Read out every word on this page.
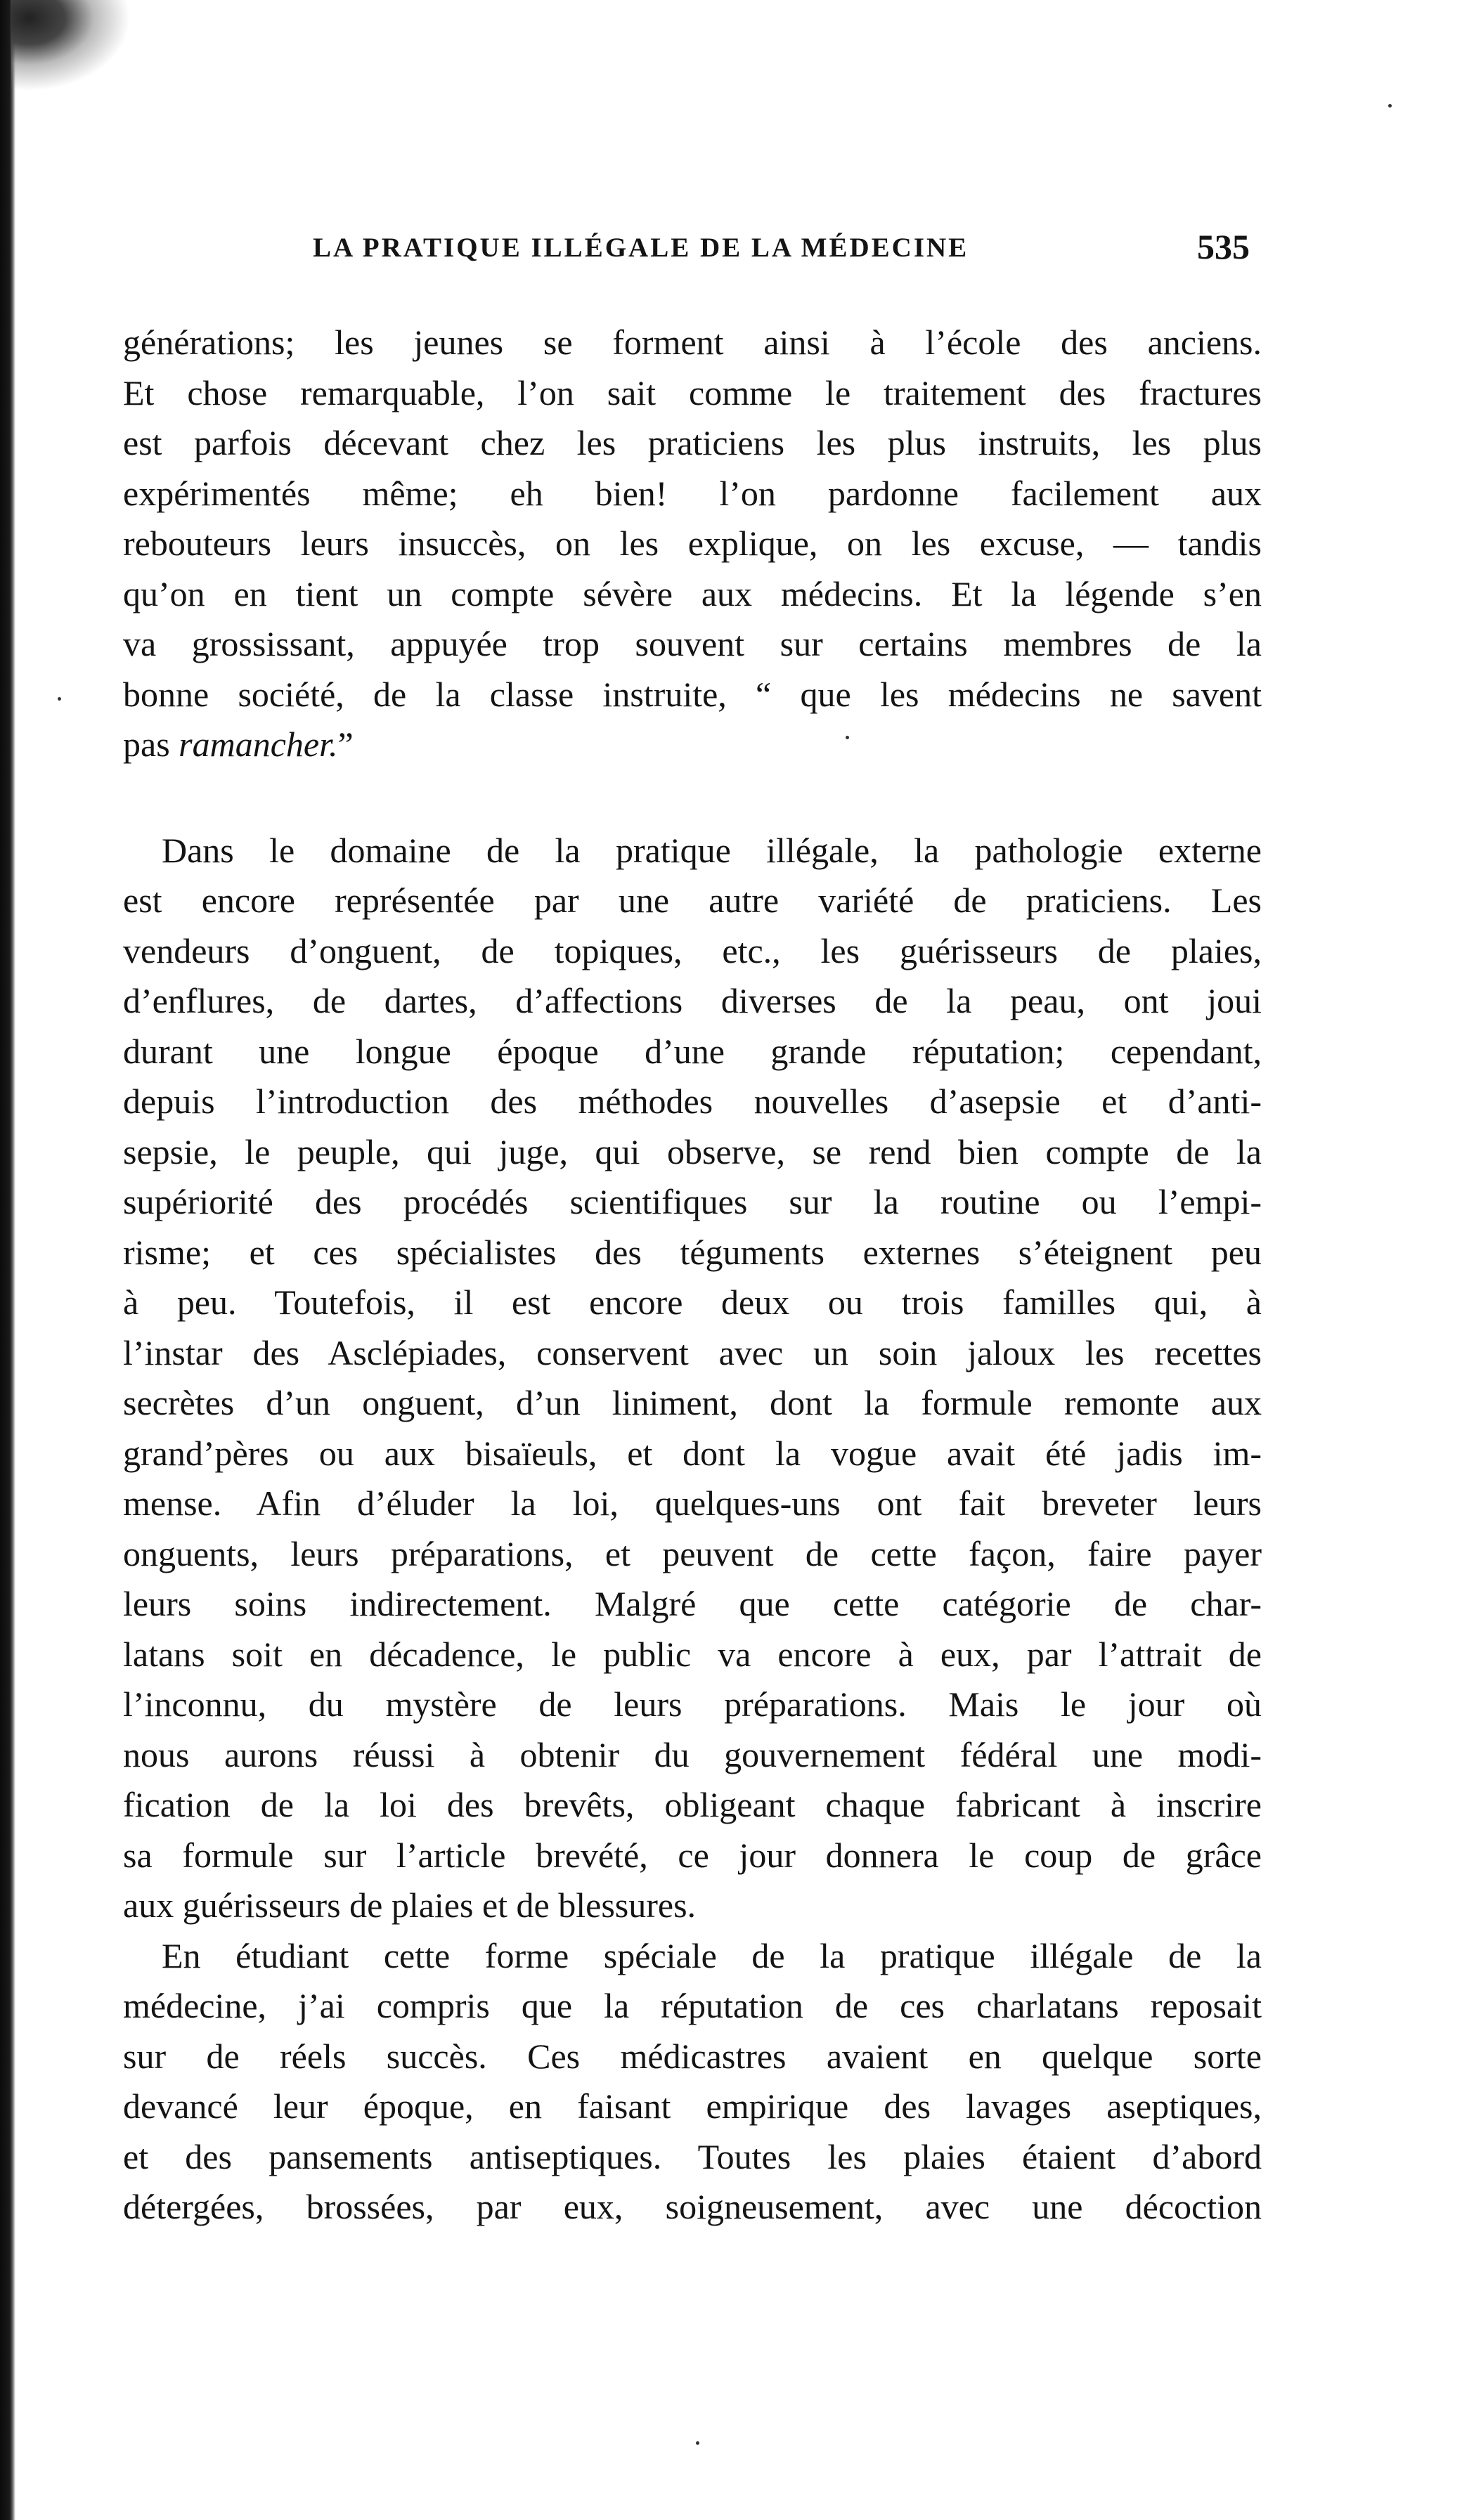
LA PRATIQUE ILLÉGALE DE LA MÉDECINE	535
générations; les jeunes se forment ainsi à l’école des anciens.
Et chose remarquable, l’on sait comme le traitement des fractures
est parfois décevant chez les praticiens les plus instruits, les plus
expérimentés même; eh bien! l’on pardonne facilement aux
rebouteurs leurs insuccès, on les explique, on les excuse, — tandis
qu’on en tient un compte sévère aux médecins. Et la légende s’en
va grossissant, appuyée trop souvent sur certains membres de la
bonne société, de la classe instruite, “ que les médecins ne savent
pas ramancher.”
Dans le domaine de la pratique illégale, la pathologie externe
est encore représentée par une autre variété de praticiens. Les
vendeurs d’onguent, de topiques, etc., les guérisseurs de plaies,
d’enflures, de dartes, d’affections diverses de la peau, ont joui
durant une longue époque d’une grande réputation; cependant,
depuis l’introduction des méthodes nouvelles d’asepsie et d’anti-
sepsie, le peuple, qui juge, qui observe, se rend bien compte de la
supériorité des procédés scientifiques sur la routine ou l’empi-
risme; et ces spécialistes des téguments externes s’éteignent peu
à peu. Toutefois, il est encore deux ou trois familles qui, à
l’instar des Asclépiades, conservent avec un soin jaloux les recettes
secrètes d’un onguent, d’un liniment, dont la formule remonte aux
grand’pères ou aux bisaïeuls, et dont la vogue avait été jadis im-
mense. Afin d’éluder la loi, quelques-uns ont fait breveter leurs
onguents, leurs préparations, et peuvent de cette façon, faire payer
leurs soins indirectement. Malgré que cette catégorie de char-
latans soit en décadence, le public va encore à eux, par l’attrait de
l’inconnu, du mystère de leurs préparations. Mais le jour où
nous aurons réussi à obtenir du gouvernement fédéral une modi-
fication de la loi des brevêts, obligeant chaque fabricant à inscrire
sa formule sur l’article brevété, ce jour donnera le coup de grâce
aux guérisseurs de plaies et de blessures.
En étudiant cette forme spéciale de la pratique illégale de la
médecine, j’ai compris que la réputation de ces charlatans reposait
sur de réels succès. Ces médicastres avaient en quelque sorte
devancé leur époque, en faisant empirique des lavages aseptiques,
et des pansements antiseptiques. Toutes les plaies étaient d’abord
détergées, brossées, par eux, soigneusement, avec une décoction
